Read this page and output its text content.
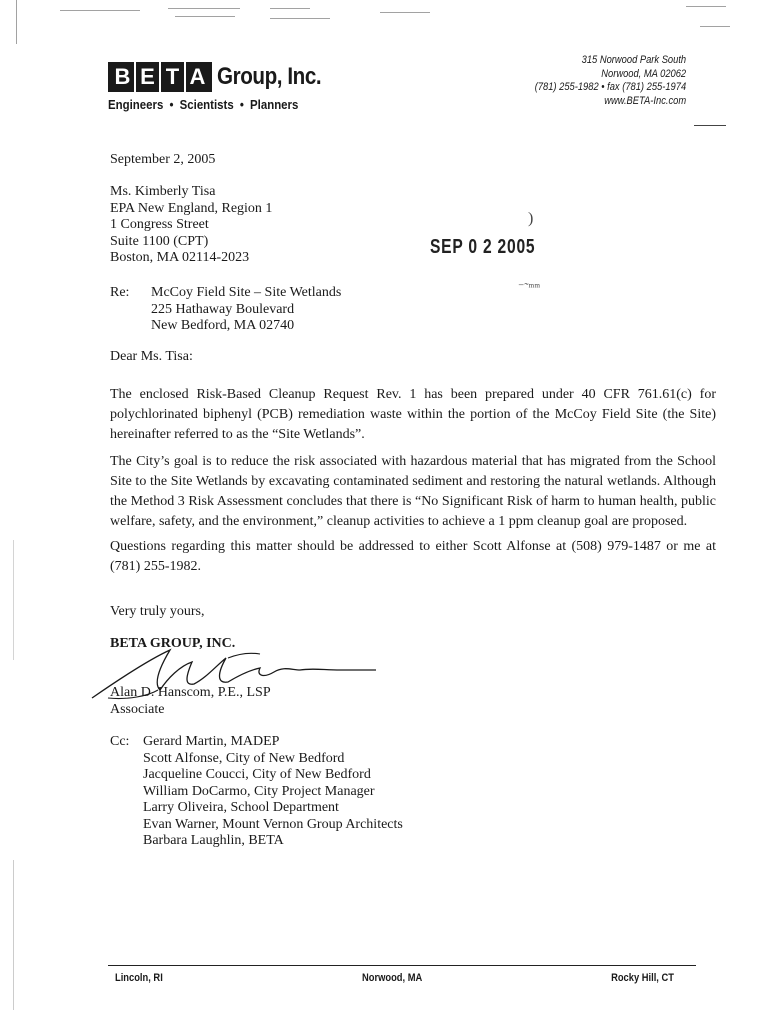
B E T A Group, Inc.
Engineers • Scientists • Planners
315 Norwood Park South
Norwood, MA 02062
(781) 255-1982 • fax (781) 255-1974
www.BETA-Inc.com
September 2, 2005
Ms. Kimberly Tisa
EPA New England, Region 1
1 Congress Street
Suite 1100 (CPT)
Boston, MA 02114-2023	SEP 0 2 2005
)
⁻˜ᵐᵐ
Re: McCoy Field Site – Site Wetlands
225 Hathaway Boulevard
New Bedford, MA 02740
Dear Ms. Tisa:
The enclosed Risk-Based Cleanup Request Rev. 1 has been prepared under 40 CFR 761.61(c) for polychlorinated biphenyl (PCB) remediation waste within the portion of the McCoy Field Site (the Site) hereinafter referred to as the “Site Wetlands”.
The City’s goal is to reduce the risk associated with hazardous material that has migrated from the School Site to the Site Wetlands by excavating contaminated sediment and restoring the natural wetlands. Although the Method 3 Risk Assessment concludes that there is “No Significant Risk of harm to human health, public welfare, safety, and the environment,” cleanup activities to achieve a 1 ppm cleanup goal are proposed.
Questions regarding this matter should be addressed to either Scott Alfonse at (508) 979-1487 or me at (781) 255-1982.
Very truly yours,
BETA GROUP, INC.
Alan D. Hanscom, P.E., LSP
Associate
Cc: Gerard Martin, MADEP
Scott Alfonse, City of New Bedford
Jacqueline Coucci, City of New Bedford
William DoCarmo, City Project Manager
Larry Oliveira, School Department
Evan Warner, Mount Vernon Group Architects
Barbara Laughlin, BETA
Lincoln, RI	Norwood, MA	Rocky Hill, CT
